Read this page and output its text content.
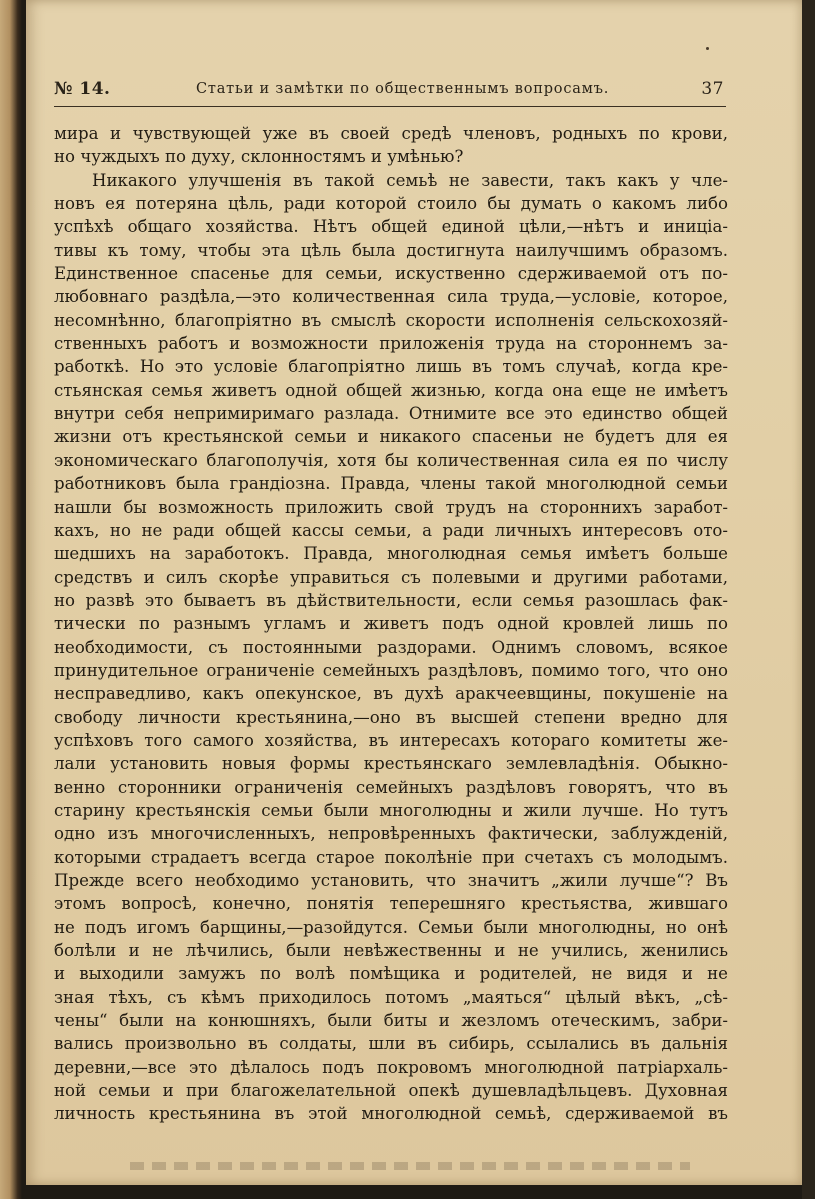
№ 14.	Статьи и замѣтки по общественнымъ вопросамъ.	37
мира и чувствующей уже въ своей средѣ членовъ, родныхъ по крови,
но чуждыхъ по духу, склонностямъ и умѣнью?
Никакого улучшенія въ такой семьѣ не завести, такъ какъ у чле-
новъ ея потеряна цѣль, ради которой стоило бы думать о какомъ либо
успѣхѣ общаго хозяйства. Нѣтъ общей единой цѣли,—нѣтъ и иниціа-
тивы къ тому, чтобы эта цѣль была достигнута наилучшимъ образомъ.
Единственное спасенье для семьи, искуственно сдерживаемой отъ по-
любовнаго раздѣла,—это количественная сила труда,—условіе, которое,
несомнѣнно, благопріятно въ смыслѣ скорости исполненія сельскохозяй-
ственныхъ работъ и возможности приложенія труда на стороннемъ за-
работкѣ. Но это условіе благопріятно лишь въ томъ случаѣ, когда кре-
стьянская семья живетъ одной общей жизнью, когда она еще не имѣетъ
внутри себя непримиримаго разлада. Отнимите все это единство общей
жизни отъ крестьянской семьи и никакого спасеньи не будетъ для ея
экономическаго благополучія, хотя бы количественная сила ея по числу
работниковъ была грандіозна. Правда, члены такой многолюдной семьи
нашли бы возможность приложить свой трудъ на стороннихъ заработ-
кахъ, но не ради общей кассы семьи, а ради личныхъ интересовъ ото-
шедшихъ на заработокъ. Правда, многолюдная семья имѣетъ больше
средствъ и силъ скорѣе управиться съ полевыми и другими работами,
но развѣ это бываетъ въ дѣйствительности, если семья разошлась фак-
тически по разнымъ угламъ и живетъ подъ одной кровлей лишь по
необходимости, съ постоянными раздорами. Однимъ словомъ, всякое
принудительное ограниченіе семейныхъ раздѣловъ, помимо того, что оно
несправедливо, какъ опекунское, въ духѣ аракчеевщины, покушеніе на
свободу личности крестьянина,—оно въ высшей степени вредно для
успѣховъ того самого хозяйства, въ интересахъ котораго комитеты же-
лали установить новыя формы крестьянскаго землевладѣнія. Обыкно-
венно сторонники ограниченія семейныхъ раздѣловъ говорятъ, что въ
старину крестьянскія семьи были многолюдны и жили лучше. Но тутъ
одно изъ многочисленныхъ, непровѣренныхъ фактически, заблужденій,
которыми страдаетъ всегда старое поколѣніе при счетахъ съ молодымъ.
Прежде всего необходимо установить, что значитъ „жили лучше“? Въ
этомъ вопросѣ, конечно, понятія теперешняго крестьяства, жившаго
не подъ игомъ барщины,—разойдутся. Семьи были многолюдны, но онѣ
болѣли и не лѣчились, были невѣжественны и не учились, женились
и выходили замужъ по волѣ помѣщика и родителей, не видя и не
зная тѣхъ, съ кѣмъ приходилось потомъ „маяться“ цѣлый вѣкъ, „сѣ-
чены“ были на конюшняхъ, были биты и жезломъ отеческимъ, забри-
вались произвольно въ солдаты, шли въ сибирь, ссылались въ дальнія
деревни,—все это дѣлалось подъ покровомъ многолюдной патріархаль-
ной семьи и при благожелательной опекѣ душевладѣльцевъ. Духовная
личность крестьянина въ этой многолюдной семьѣ, сдерживаемой въ
